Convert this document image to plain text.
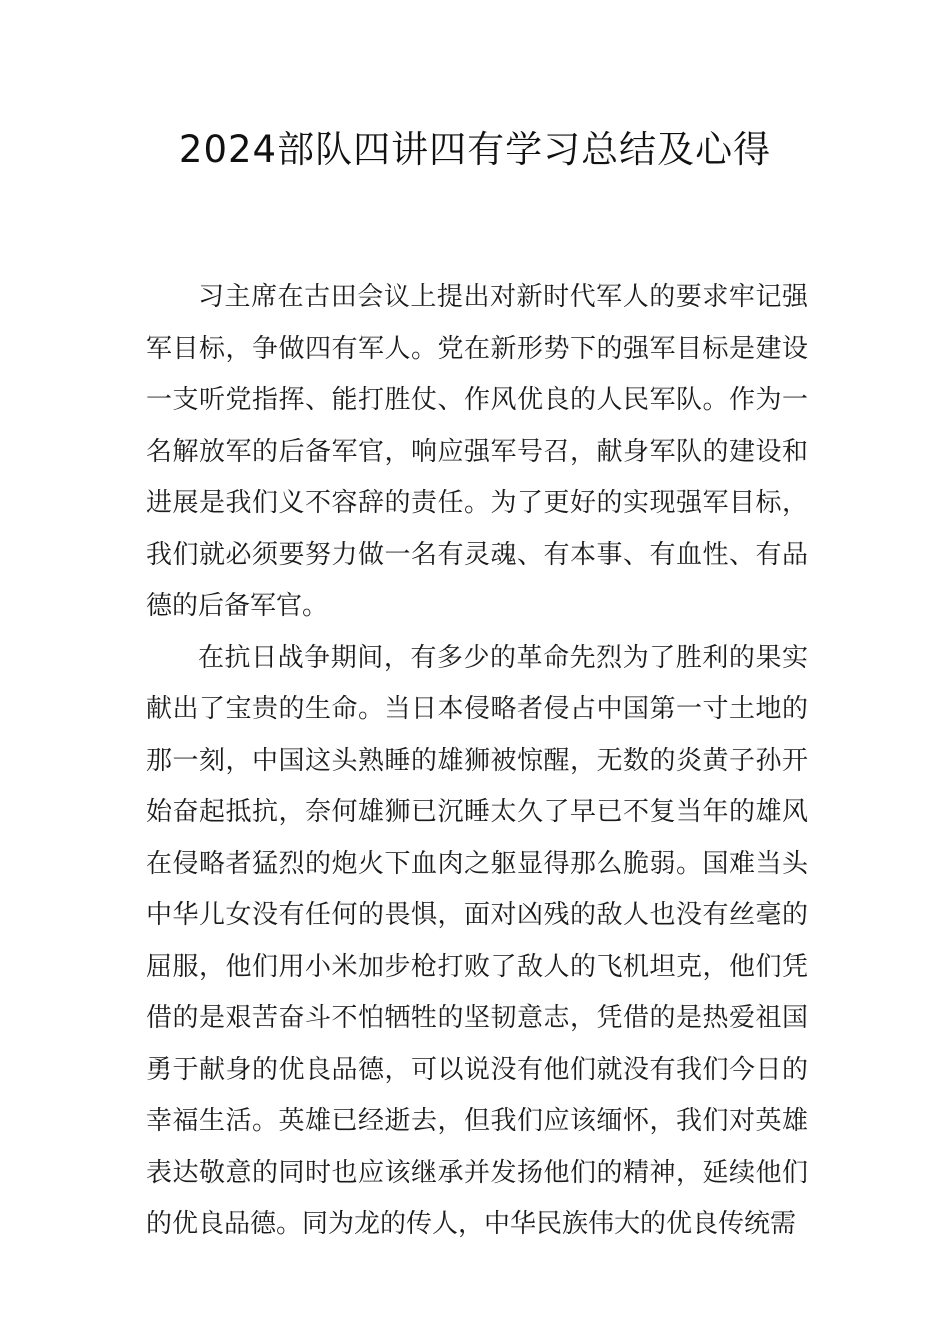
2024部队四讲四有学习总结及心得

习主席在古田会议上提出对新时代军人的要求牢记强军目标，争做四有军人。党在新形势下的强军目标是建设一支听党指挥、能打胜仗、作风优良的人民军队。作为一名解放军的后备军官，响应强军号召，献身军队的建设和进展是我们义不容辞的责任。为了更好的实现强军目标，我们就必须要努力做一名有灵魂、有本事、有血性、有品德的后备军官。

在抗日战争期间，有多少的革命先烈为了胜利的果实献出了宝贵的生命。当日本侵略者侵占中国第一寸土地的那一刻，中国这头熟睡的雄狮被惊醒，无数的炎黄子孙开始奋起抵抗，奈何雄狮已沉睡太久了早已不复当年的雄风在侵略者猛烈的炮火下血肉之躯显得那么脆弱。国难当头中华儿女没有任何的畏惧，面对凶残的敌人也没有丝毫的屈服，他们用小米加步枪打败了敌人的飞机坦克，他们凭借的是艰苦奋斗不怕牺牲的坚韧意志，凭借的是热爱祖国勇于献身的优良品德，可以说没有他们就没有我们今日的幸福生活。英雄已经逝去，但我们应该缅怀，我们对英雄表达敬意的同时也应该继承并发扬他们的精神，延续他们的优良品德。同为龙的传人，中华民族伟大的优良传统需
